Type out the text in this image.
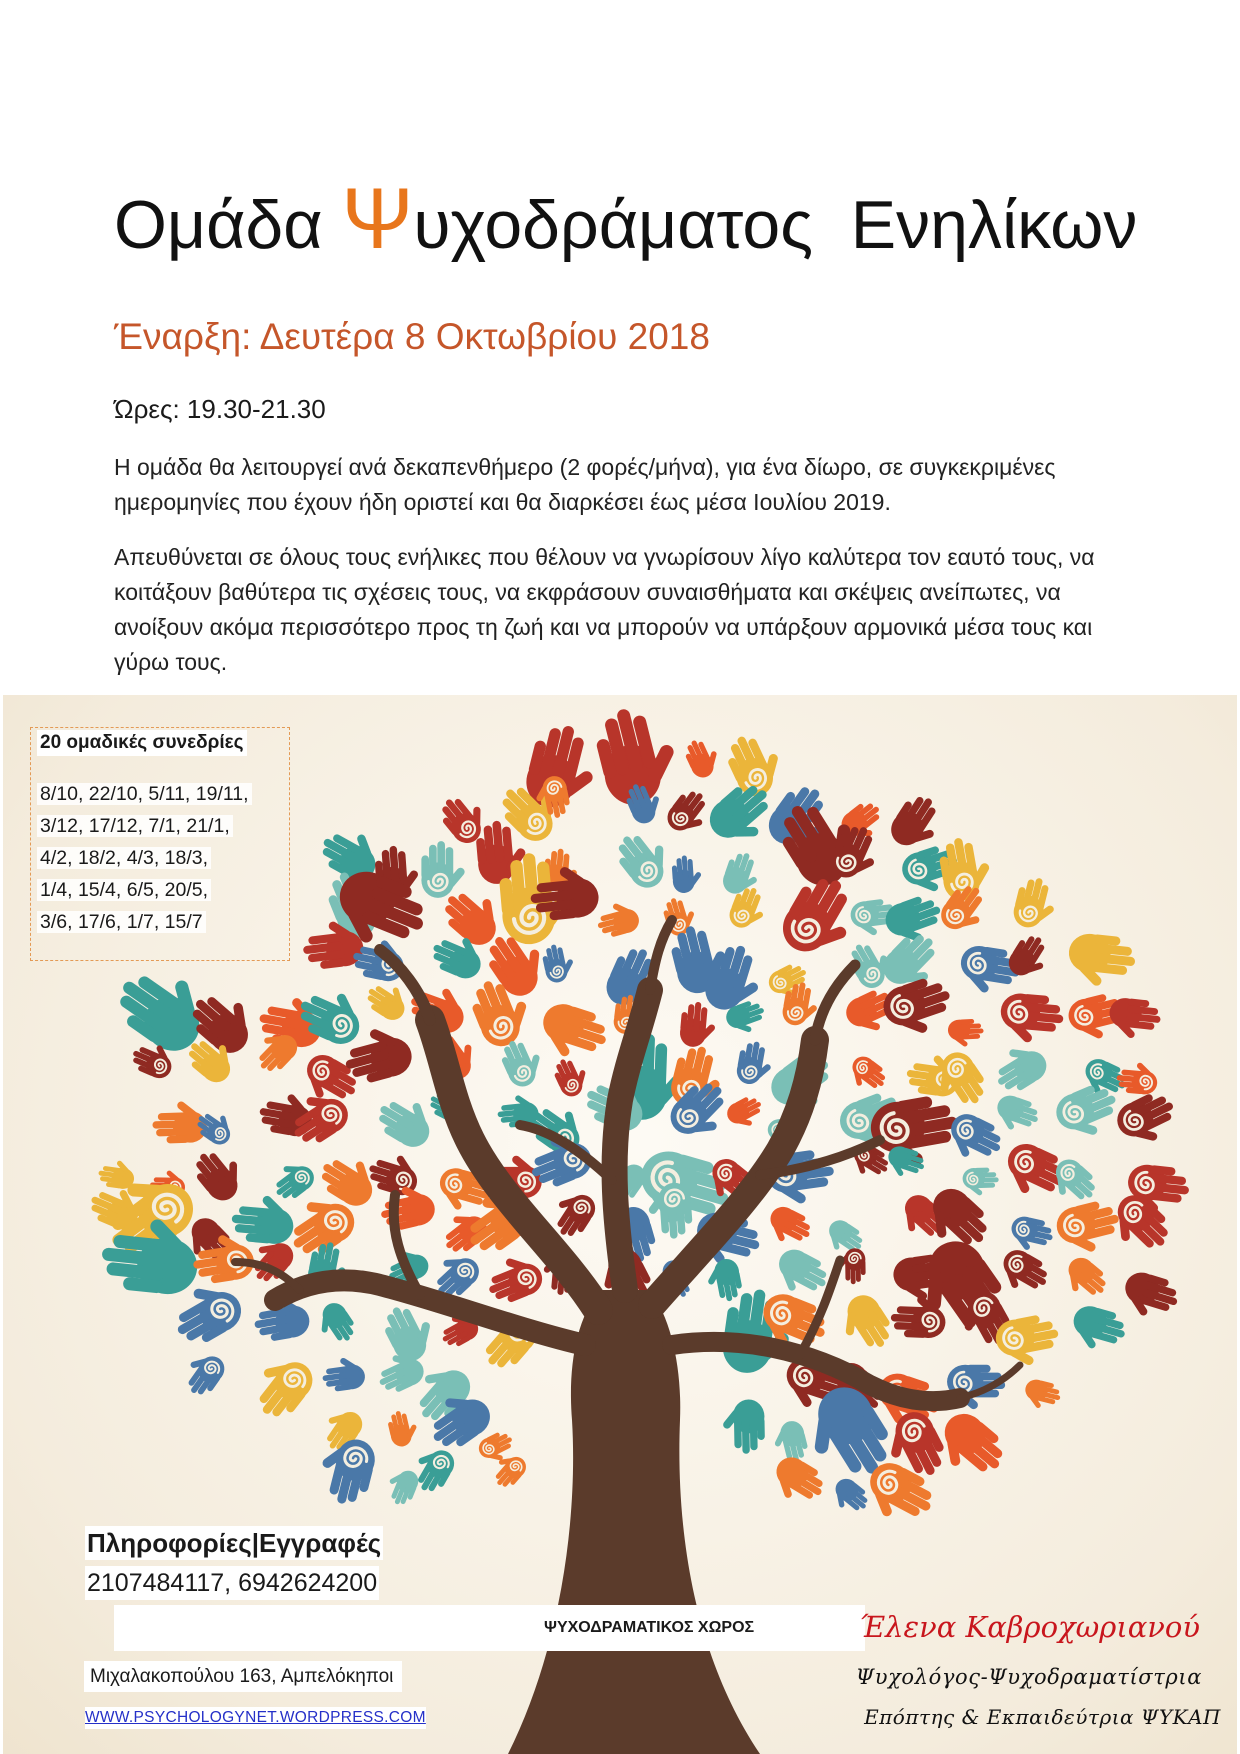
Ομάδα Ψ υχοδράματος  Ενηλίκων
Έναρξη: Δευτέρα 8 Οκτωβρίου 2018
Ώρες: 19.30-21.30
Η ομάδα θα λειτουργεί ανά δεκαπενθήμερο (2 φορές/μήνα), για ένα δίωρο, σε συγκεκριμένες
ημερομηνίες που έχουν ήδη οριστεί και θα διαρκέσει έως μέσα Ιουλίου 2019.
Απευθύνεται σε όλους τους ενήλικες που θέλουν να γνωρίσουν λίγο καλύτερα τον εαυτό τους, να
κοιτάξουν βαθύτερα τις σχέσεις τους, να εκφράσουν συναισθήματα και σκέψεις ανείπωτες, να
ανοίξουν ακόμα περισσότερο προς τη ζωή και να μπορούν να υπάρξουν αρμονικά μέσα τους και
γύρω τους.
20 ομαδικές συνεδρίες
8/10, 22/10, 5/11, 19/11,
3/12, 17/12, 7/1, 21/1,
4/2, 18/2, 4/3, 18/3,
1/4, 15/4, 6/5, 20/5,
3/6, 17/6, 1/7, 15/7
Πληροφορίες|Εγγραφές
2107484117, 6942624200
ΨΥΧΟΔΡΑΜΑΤΙΚΟΣ ΧΩΡΟΣ
Μιχαλακοπούλου 163, Αμπελόκηποι
WWW.PSYCHOLOGYNET.WORDPRESS.COM
Έλενα Καβροχωριανού
Ψυχολόγος-Ψυχοδραματίστρια
Επόπτης & Εκπαιδεύτρια ΨΥΚΑΠ
